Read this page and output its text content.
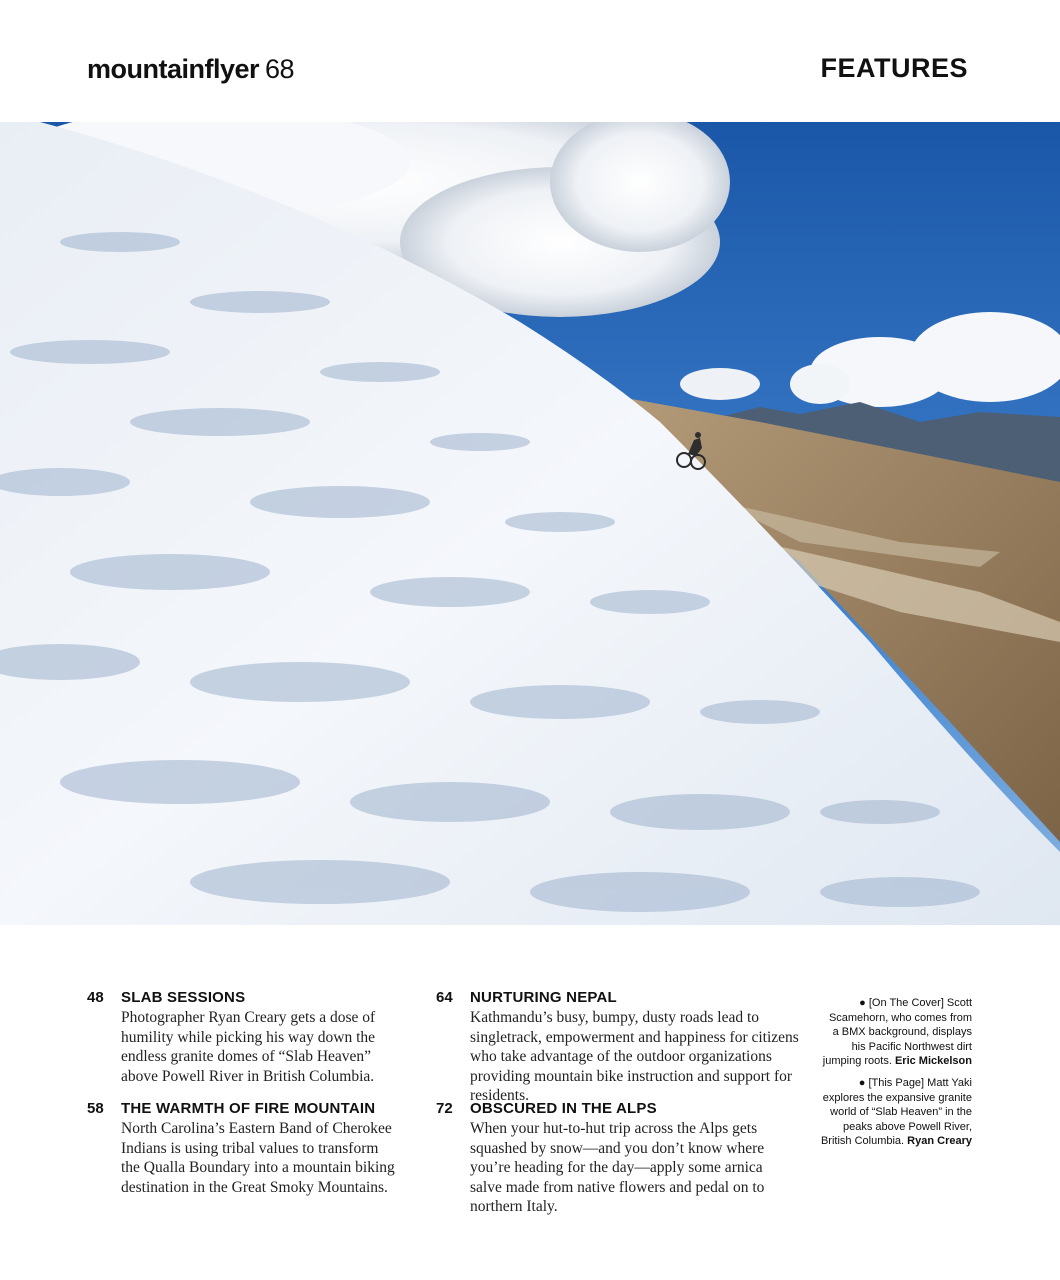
mountainflyer 68	FEATURES
48 SLAB SESSIONS
Photographer Ryan Creary gets a dose of humility while picking his way down the endless granite domes of “Slab Heaven” above Powell River in British Columbia.
58 THE WARMTH OF FIRE MOUNTAIN
North Carolina’s Eastern Band of Cherokee Indians is using tribal values to transform the Qualla Boundary into a mountain biking destination in the Great Smoky Mountains.
64 NURTURING NEPAL
Kathmandu’s busy, bumpy, dusty roads lead to singletrack, empowerment and happiness for citizens who take advantage of the outdoor organizations providing mountain bike instruction and support for residents.
72 OBSCURED IN THE ALPS
When your hut-to-hut trip across the Alps gets squashed by snow—and you don’t know where you’re heading for the day—apply some arnica salve made from native flowers and pedal on to northern Italy.

● [On The Cover] Scott Scamehorn, who comes from a BMX background, displays his Pacific Northwest dirt jumping roots. Eric Mickelson

● [This Page] Matt Yaki explores the expansive granite world of “Slab Heaven” in the peaks above Powell River, British Columbia. Ryan Creary
